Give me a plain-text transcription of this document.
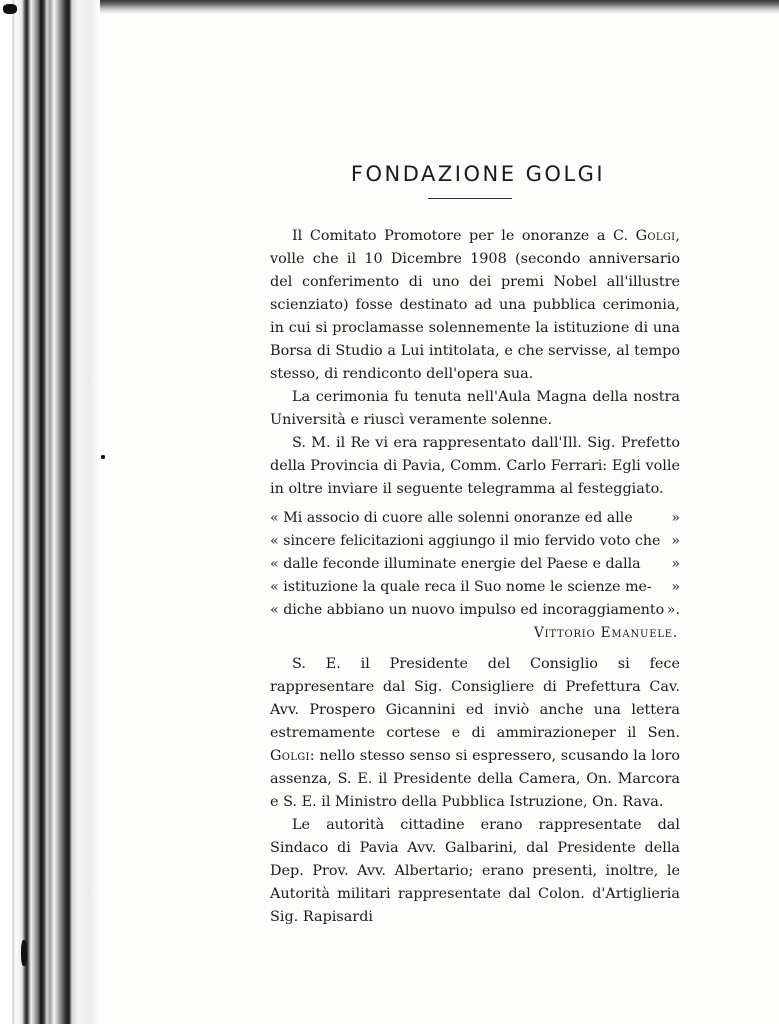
FONDAZIONE GOLGI

Il Comitato Promotore per le onoranze a C. Golgi, volle che il 10 Dicembre 1908 (secondo anniversario del conferimento di uno dei premi Nobel all'illustre scienziato) fosse destinato ad una pubblica cerimonia, in cui si proclamasse solennemente la istituzione di una Borsa di Studio a Lui intitolata, e che servisse, al tempo stesso, di rendiconto dell'opera sua.

La cerimonia fu tenuta nell'Aula Magna della nostra Università e riuscì veramente solenne.

S. M. il Re vi era rappresentato dall'Ill. Sig. Prefetto della Provincia di Pavia, Comm. Carlo Ferrari: Egli volle in oltre inviare il seguente telegramma al festeggiato.

« Mi associo di cuore alle solenni onoranze ed alle	»
« sincere felicitazioni aggiungo il mio fervido voto che »
« dalle feconde illuminate energie del Paese e dalla	»
« istituzione la quale reca il Suo nome le scienze me-	»
« diche abbiano un nuovo impulso ed incoraggiamento ».
Vittorio Emanuele.

S. E. il Presidente del Consiglio si fece rappresentare dal Sig. Consigliere di Prefettura Cav. Avv. Prospero Gicannini ed inviò anche una lettera estremamente cortese e di ammirazioneper il Sen. Golgi: nello stesso senso si espressero, scusando la loro assenza, S. E. il Presidente della Camera, On. Marcora e S. E. il Ministro della Pubblica Istruzione, On. Rava.

Le autorità cittadine erano rappresentate dal Sindaco di Pavia Avv. Galbarini, dal Presidente della Dep. Prov. Avv. Albertario; erano presenti, inoltre, le Autorità militari rappresentate dal Colon. d'Artiglieria Sig. Rapisardi
